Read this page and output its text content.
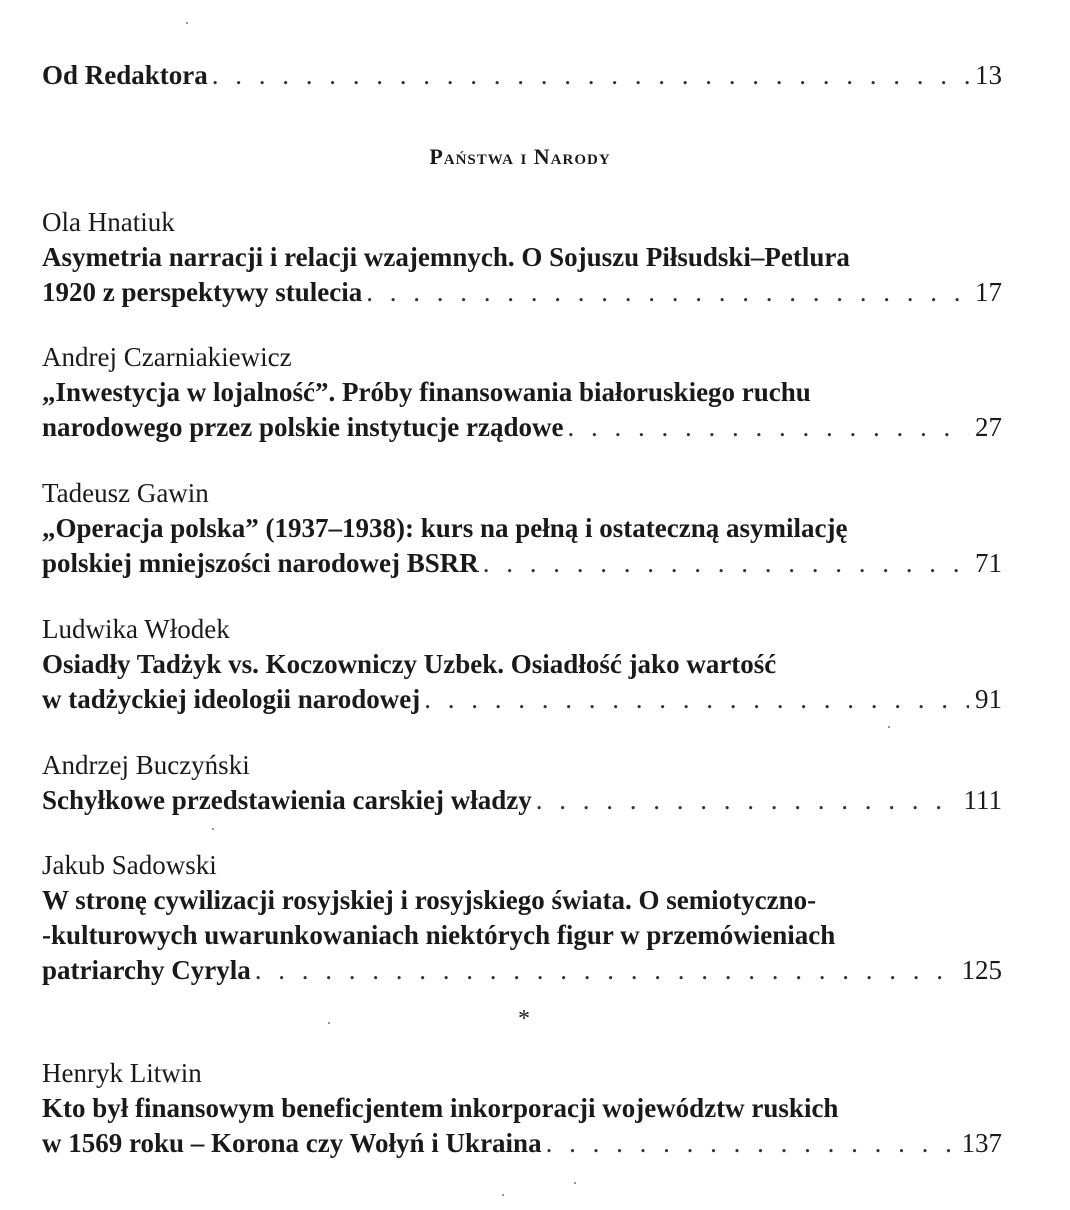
Od Redaktora . . .	13
Państwa i Narody
Ola Hnatiuk
Asymetria narracji i relacji wzajemnych. O Sojuszu Piłsudski–Petlura
1920 z perspektywy stulecia . . .	17
Andrej Czarniakiewicz
„Inwestycja w lojalność”. Próby finansowania białoruskiego ruchu
narodowego przez polskie instytucje rządowe . . .	27
Tadeusz Gawin
„Operacja polska” (1937–1938): kurs na pełną i ostateczną asymilację
polskiej mniejszości narodowej BSRR . . .	71
Ludwika Włodek
Osiadły Tadżyk vs. Koczowniczy Uzbek. Osiadłość jako wartość
w tadżyckiej ideologii narodowej . . .	91
Andrzej Buczyński
Schyłkowe przedstawienia carskiej władzy . . .	111
Jakub Sadowski
W stronę cywilizacji rosyjskiej i rosyjskiego świata. O semiotyczno-
-kulturowych uwarunkowaniach niektórych figur w przemówieniach
patriarchy Cyryla . . .	125
*
Henryk Litwin
Kto był finansowym beneficjentem inkorporacji województw ruskich
w 1569 roku – Korona czy Wołyń i Ukraina . . .	137
